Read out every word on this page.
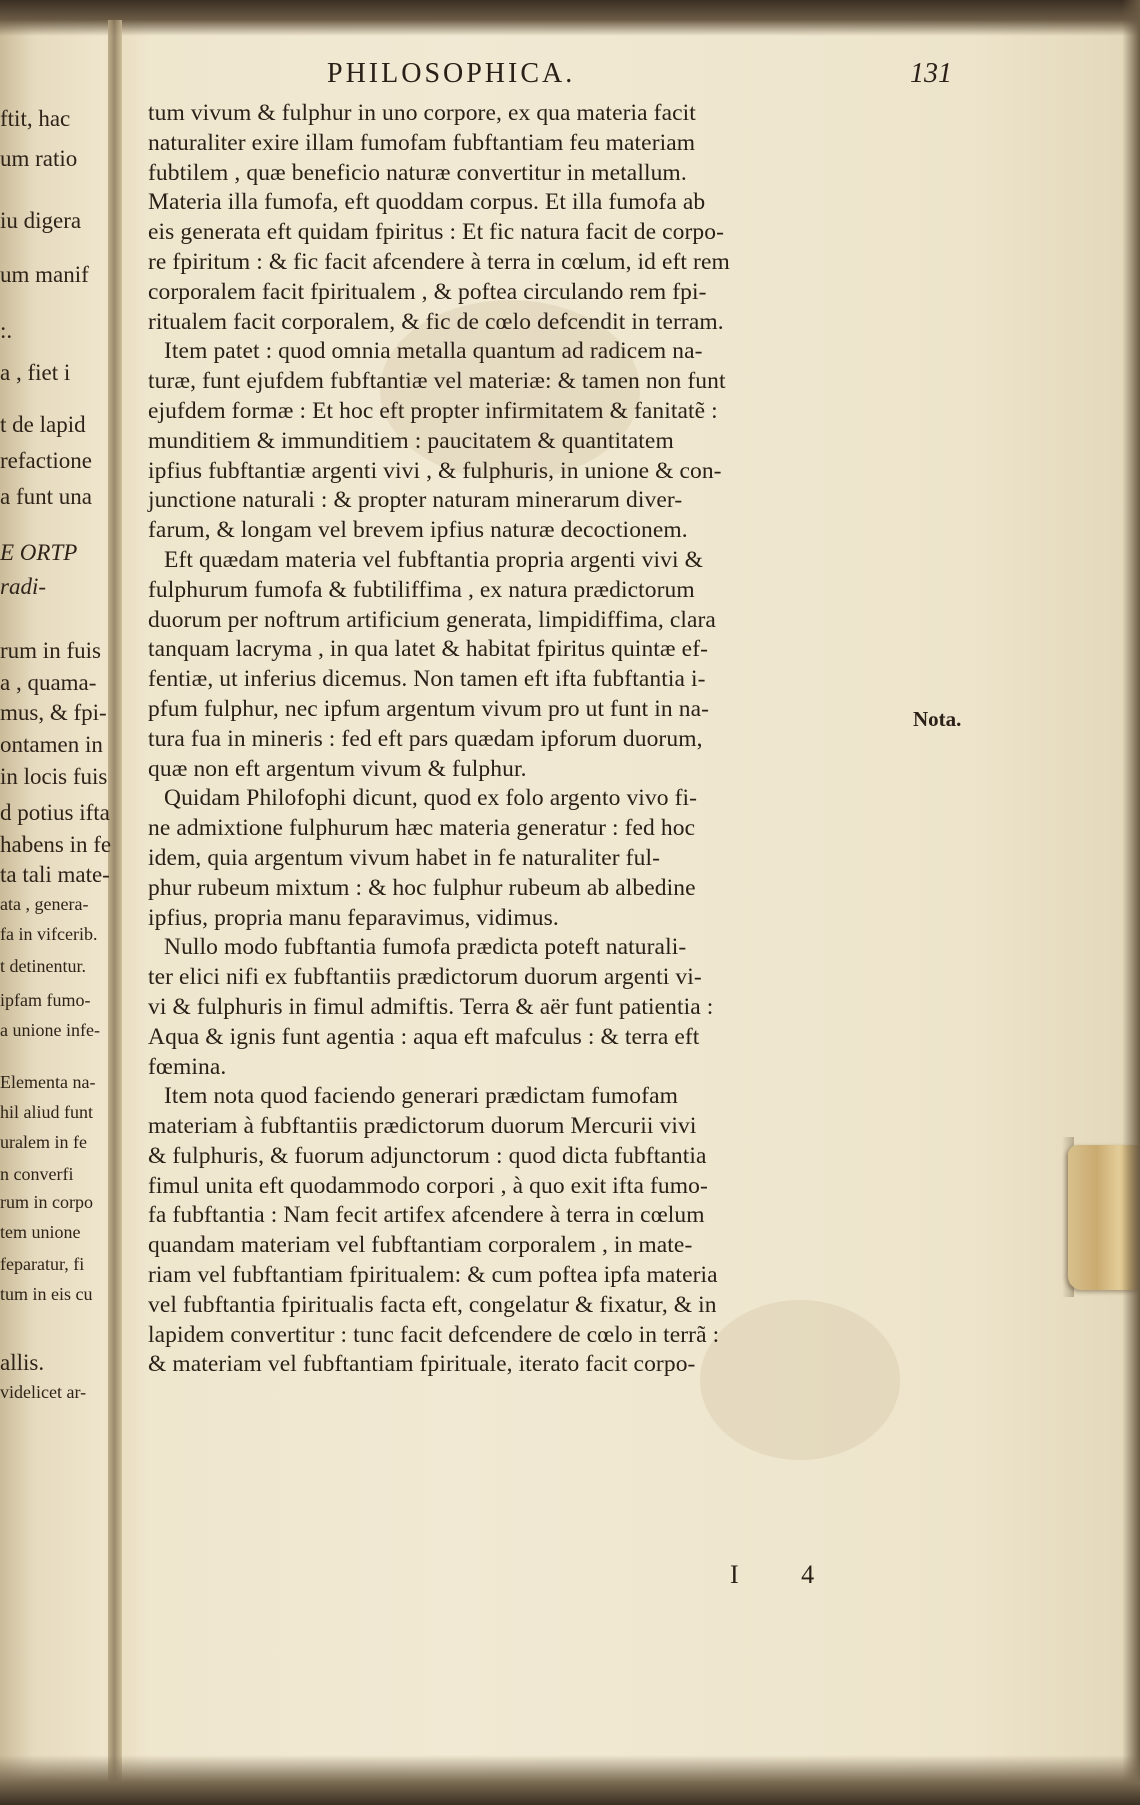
ftit, hac
um ratio
iu digera
um manif
:.
a , fiet i
t de lapid
refactione
a funt una
E ORTP
radi-
rum in fuis
a , quama-
mus, & fpi-
ontamen in
in locis fuis
d potius ifta
habens in fe
ta tali mate-
ata , genera-
fa in vifcerib.
t detinentur.
ipfam fumo-
a unione infe-
Elementa na-
hil aliud funt
uralem in fe
n converfi
rum in corpo
tem unione
feparatur, fi
tum in eis cu
allis.
videlicet ar-
PHILOSOPHICA.	131
tum vivum & fulphur in uno corpore, ex qua materia facit
naturaliter exire illam fumofam fubftantiam feu materiam
fubtilem , quæ beneficio naturæ convertitur in metallum.
Materia illa fumofa, eft quoddam corpus. Et illa fumofa ab
eis generata eft quidam fpiritus : Et fic natura facit de corpo-
re fpiritum : & fic facit afcendere à terra in cœlum, id eft rem
corporalem facit fpiritualem , & poftea circulando rem fpi-
ritualem facit corporalem, & fic de cœlo defcendit in terram.
Item patet : quod omnia metalla quantum ad radicem na-
turæ, funt ejufdem fubftantiæ vel materiæ: & tamen non funt
ejufdem formæ : Et hoc eft propter infirmitatem & fanitatẽ :
munditiem & immunditiem : paucitatem & quantitatem
ipfius fubftantiæ argenti vivi , & fulphuris, in unione & con-
junctione naturali : & propter naturam minerarum diver-
farum, & longam vel brevem ipfius naturæ decoctionem.
Eft quædam materia vel fubftantia propria argenti vivi &
fulphurum fumofa & fubtiliffima , ex natura prædictorum
duorum per noftrum artificium generata, limpidiffima, clara
tanquam lacryma , in qua latet & habitat fpiritus quintæ ef-
fentiæ, ut inferius dicemus. Non tamen eft ifta fubftantia i-
pfum fulphur, nec ipfum argentum vivum pro ut funt in na-
tura fua in mineris : fed eft pars quædam ipforum duorum,
quæ non eft argentum vivum & fulphur.
Quidam Philofophi dicunt, quod ex folo argento vivo fi-
ne admixtione fulphurum hæc materia generatur : fed hoc
idem, quia argentum vivum habet in fe naturaliter ful-
phur rubeum mixtum : & hoc fulphur rubeum ab albedine
ipfius, propria manu feparavimus, vidimus.
Nullo modo fubftantia fumofa prædicta poteft naturali-
ter elici nifi ex fubftantiis prædictorum duorum argenti vi-
vi & fulphuris in fimul admiftis. Terra & aër funt patientia :
Aqua & ignis funt agentia : aqua eft mafculus : & terra eft
fœmina.
Item nota quod faciendo generari prædictam fumofam
materiam à fubftantiis prædictorum duorum Mercurii vivi
& fulphuris, & fuorum adjunctorum : quod dicta fubftantia
fimul unita eft quodammodo corpori , à quo exit ifta fumo-
fa fubftantia : Nam fecit artifex afcendere à terra in cœlum
quandam materiam vel fubftantiam corporalem , in mate-
riam vel fubftantiam fpiritualem: & cum poftea ipfa materia
vel fubftantia fpiritualis facta eft, congelatur & fixatur, & in
lapidem convertitur : tunc facit defcendere de cœlo in terrã :
& materiam vel fubftantiam fpirituale, iterato facit corpo-
Nota.
I 4
